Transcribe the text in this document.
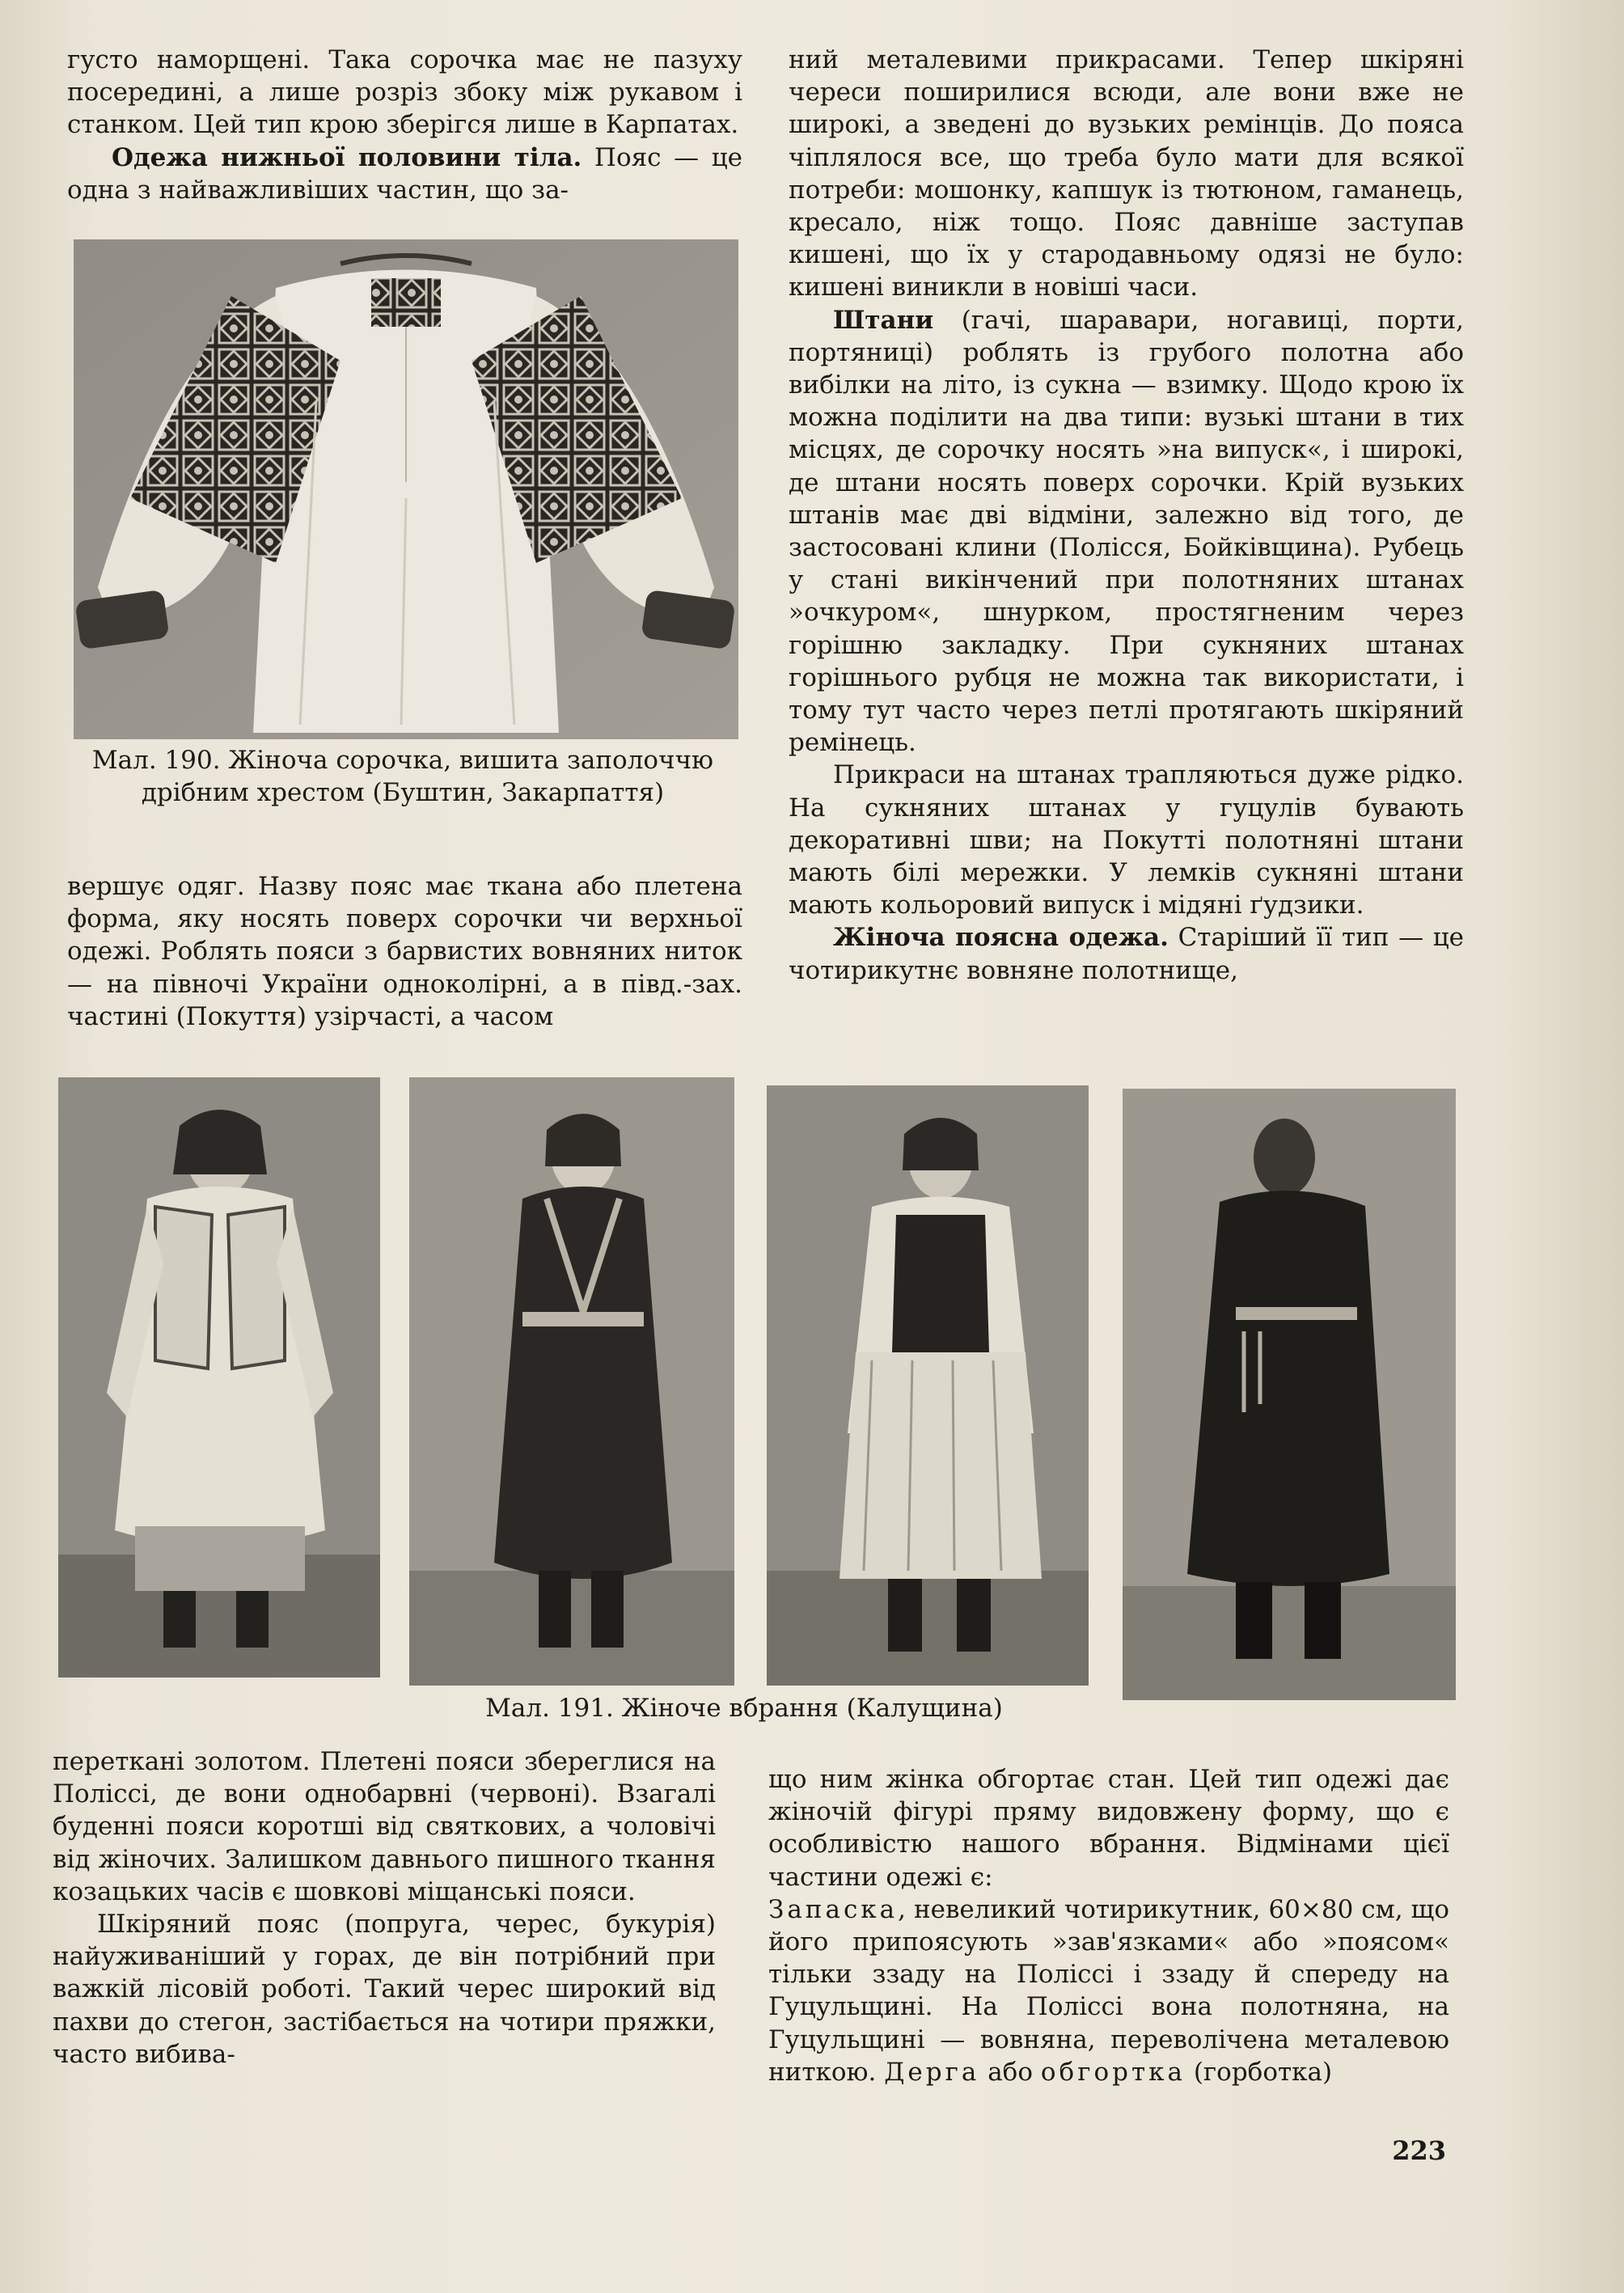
густо наморщені. Така сорочка має не пазуху посередині, а лише розріз збоку між рукавом і станком. Цей тип крою зберігся лише в Карпатах.

Одежа нижньої половини тіла. Пояс — це одна з найважливіших частин, що за-

Мал. 190. Жіноча сорочка, вишита заполоччю дрібним хрестом (Буштин, Закарпаття)

вершує одяг. Назву пояс має ткана або плетена форма, яку носять поверх сорочки чи верхньої одежі. Роблять пояси з барвистих вовняних ниток — на півночі України одноколірні, а в півд.-зах. частині (Покуття) узірчасті, а часом

ний металевими прикрасами. Тепер шкіряні череси поширилися всюди, але вони вже не широкі, а зведені до вузьких ремінців. До пояса чіплялося все, що треба було мати для всякої потреби: мошонку, капшук із тютюном, гаманець, кресало, ніж тощо. Пояс давніше заступав кишені, що їх у стародавньому одязі не було: кишені виникли в новіші часи.

Штани (гачі, шаравари, ногавиці, порти, портяниці) роблять із грубого полотна або вибілки на літо, із сукна — взимку. Щодо крою їх можна поділити на два типи: вузькі штани в тих місцях, де сорочку носять »на випуск«, і широкі, де штани носять поверх сорочки. Крій вузьких штанів має дві відміни, залежно від того, де застосовані клини (Полісся, Бойківщина). Рубець у стані викінчений при полотняних штанах »очкуром«, шнурком, простягненим через горішню закладку. При сукняних штанах горішнього рубця не можна так використати, і тому тут часто через петлі протягають шкіряний ремінець.

Прикраси на штанах трапляються дуже рідко. На сукняних штанах у гуцулів бувають декоративні шви; на Покутті полотняні штани мають білі мережки. У лемків сукняні штани мають кольоровий випуск і мідяні ґудзики.

Жіноча поясна одежа. Старіший її тип — це чотирикутнє вовняне полотнище,

Мал. 191. Жіноче вбрання (Калущина)

переткані золотом. Плетені пояси збереглися на Поліссі, де вони однобарвні (червоні). Взагалі буденні пояси коротші від святкових, а чоловічі від жіночих. Залишком давнього пишного ткання козацьких часів є шовкові міщанські пояси.

Шкіряний пояс (попруга, черес, букурія) найуживаніший у горах, де він потрібний при важкій лісовій роботі. Такий черес широкий від пахви до стегон, застібається на чотири пряжки, часто вибива-

що ним жінка обгортає стан. Цей тип одежі дає жіночій фігурі пряму видовжену форму, що є особливістю нашого вбрання. Відмінами цієї частини одежі є:

Запаска, невеликий чотирикутник, 60×80 см, що його припоясують »зав'язками« або »поясом« тільки ззаду на Поліссі і ззаду й спереду на Гуцульщині. На Поліссі вона полотняна, на Гуцульщині — вовняна, переволічена металевою ниткою. Дерга або обгортка (горботка)

223
